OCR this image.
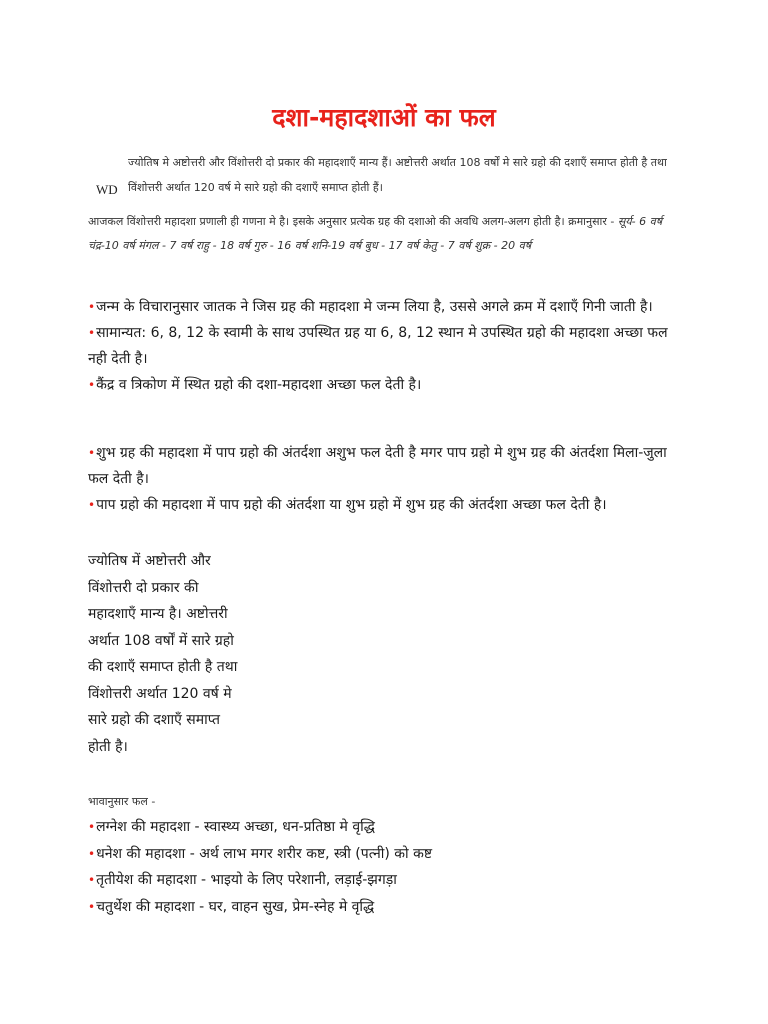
दशा-महादशाओं का फल
WD
ज्योतिष मे अष्टोत्तरी और विंशोत्तरी दो प्रकार की महादशाएँ मान्य हैं। अष्टोत्तरी अर्थात 108 वर्षों मे सारे ग्रहो की दशाएँ समाप्त होती है तथा विंशोत्तरी अर्थात 120 वर्ष मे सारे ग्रहो की दशाएँ समाप्त होती हैं।
आजकल विंशोत्तरी महादशा प्रणाली ही गणना मे है। इसके अनुसार प्रत्येक ग्रह की दशाओ की अवधि अलग-अलग होती है। क्रमानुसार - सूर्य- 6 वर्ष चंद्र-10 वर्ष मंगल - 7 वर्ष राहु - 18 वर्ष गुरु - 16 वर्ष शनि-19 वर्ष बुध - 17 वर्ष केतु - 7 वर्ष शुक्र - 20 वर्ष
•जन्म के विचारानुसार जातक ने जिस ग्रह की महादशा मे जन्म लिया है, उससे अगले क्रम में दशाएँ गिनी जाती है।
•सामान्यत: 6, 8, 12 के स्वामी के साथ उपस्थित ग्रह या 6, 8, 12 स्थान मे उपस्थित ग्रहो की महादशा अच्छा फल नही देती है।
•कैंद्र व त्रिकोण में स्थित ग्रहो की दशा-महादशा अच्छा फल देती है।
•शुभ ग्रह की महादशा में पाप ग्रहो की अंतर्दशा अशुभ फल देती है मगर पाप ग्रहो मे शुभ ग्रह की अंतर्दशा मिला-जुला फल देती है।
•पाप ग्रहो की महादशा में पाप ग्रहो की अंतर्दशा या शुभ ग्रहो में शुभ ग्रह की अंतर्दशा अच्छा फल देती है।
ज्योतिष में अष्टोत्तरी और
विंशोत्तरी दो प्रकार की
महादशाएँ मान्य है। अष्टोत्तरी
अर्थात 108 वर्षों में सारे ग्रहो
की दशाएँ समाप्त होती है तथा
विंशोत्तरी अर्थात 120 वर्ष मे
सारे ग्रहो की दशाएँ समाप्त
होती है।
भावानुसार फल -
•लग्नेश की महादशा - स्वास्थ्य अच्छा, धन-प्रतिष्ठा मे वृद्धि
•धनेश की महादशा - अर्थ लाभ मगर शरीर कष्ट, स्त्री (पत्नी) को कष्ट
•तृतीयेश की महादशा - भाइयो के लिए परेशानी, लड़ाई-झगड़ा
•चतुर्थेश की महादशा - घर, वाहन सुख, प्रेम-स्नेह मे वृद्धि
